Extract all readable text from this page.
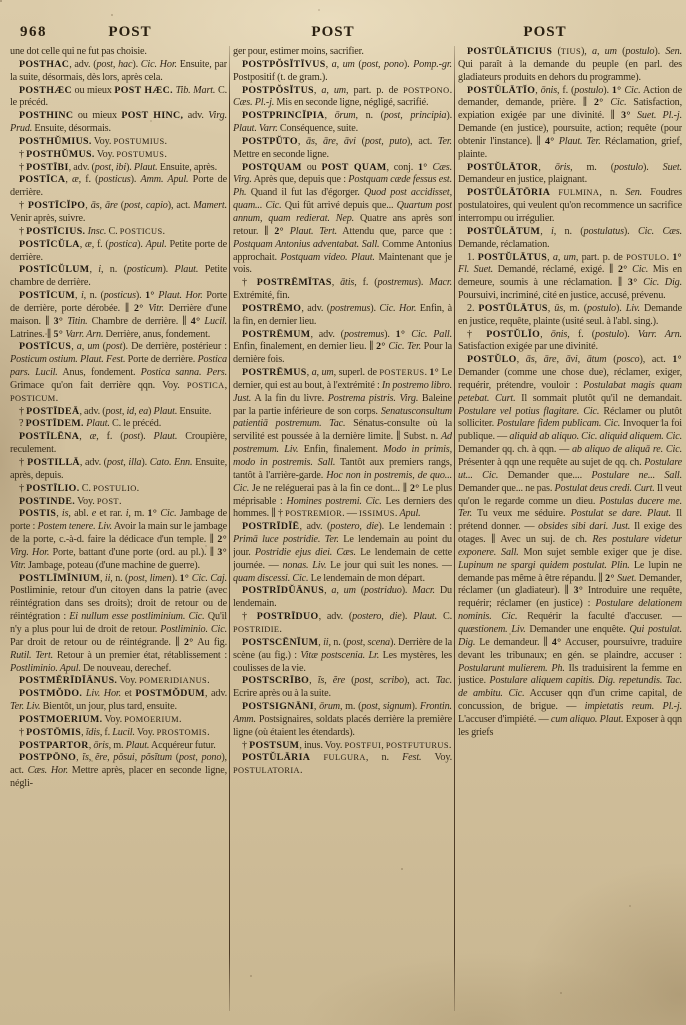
968	POST	POST	POST

une dot celle qui ne fut pas choisie.

POSTHAC, adv. (post, hac). Cic. Hor. Ensuite, par la suite, désormais, dès lors, après cela.

POSTHÆC ou mieux POST HÆC. Tib. Mart. C. le précéd.

POSTHINC ou mieux POST HINC, adv. Virg. Prud. Ensuite, désormais.

POSTHŬMIUS. Voy. POSTUMIUS.

† POSTHŬMUS. Voy. POSTUMUS.

† POSTĪBI, adv. (post, ibi). Plaut. Ensuite, après.

POSTĪCA, æ, f. (posticus). Amm. Apul. Porte de derrière.

† POSTĪCĬPO, ās, āre (post, capio), act. Mamert. Venir après, suivre.

† POSTĪCIUS. Insc. C. POSTICUS.

POSTĪCŬLA, æ, f. (postica). Apul. Petite porte de derrière.

POSTĪCŬLUM, i, n. (posticum). Plaut. Petite chambre de derrière.

POSTĪCUM, i, n. (posticus). 1° Plaut. Hor. Porte de derrière, porte dérobée. ∥ 2° Vitr. Derrière d'une maison. ∥ 3° Titin. Chambre de derrière. ∥ 4° Lucil. Latrines. ∥ 5° Varr. Arn. Derrière, anus, fondement.

POSTĪCUS, a, um (post). De derrière, postérieur : Posticum ostium. Plaut. Fest. Porte de derrière. Postica pars. Lucil. Anus, fondement. Postica sanna. Pers. Grimace qu'on fait derrière qqn. Voy. POSTICA, POSTICUM.

† POSTĪDEĀ, adv. (post, id, ea) Plaut. Ensuite.

? POSTĪDEM. Plaut. C. le précéd.

POSTĪLĒNA, æ, f. (post). Plaut. Croupière, reculement.

† POSTILLĀ, adv. (post, illa). Cato. Enn. Ensuite, après, depuis.

† POSTĪLIO. C. POSTULIO.

POSTINDE. Voy. POST.

POSTIS, is, abl. e et rar. i, m. 1° Cic. Jambage de porte : Postem tenere. Liv. Avoir la main sur le jambage de la porte, c.-à-d. faire la dédicace d'un temple. ∥ 2° Virg. Hor. Porte, battant d'une porte (ord. au pl.). ∥ 3° Vitr. Jambage, poteau (d'une machine de guerre).

POSTLĪMĬNIUM, ii, n. (post, limen). 1° Cic. Caj. Postliminie, retour d'un citoyen dans la patrie (avec réintégration dans ses droits); droit de retour ou de réintégration : Ei nullum esse postliminium. Cic. Qu'il n'y a plus pour lui de droit de retour. Postliminio. Cic. Par droit de retour ou de réintégrande. ∥ 2° Au fig. Rutil. Tert. Retour à un premier état, rétablissement : Postliminio. Apul. De nouveau, derechef.

POSTMĔRĪDĬĀNUS. Voy. POMERIDIANUS.

POSTMŎDO. Liv. Hor. et POSTMŎDUM, adv. Ter. Liv. Bientôt, un jour, plus tard, ensuite.

POSTMOERIUM. Voy. POMOERIUM.

† POSTŌMIS, ĭdis, f. Lucil. Voy. PROSTOMIS.

POSTPARTOR, ōris, m. Plaut. Acquéreur futur.

POSTPŌNO, ĭs, ĕre, pŏsui, pŏsĭtum (post, pono), act. Cæs. Hor. Mettre après, placer en seconde ligne, négli-

ger pour, estimer moins, sacrifier.

POSTPŎSĬTĪVUS, a, um (post, pono). Pomp.-gr. Postpositif (t. de gram.).

POSTPŎSĬTUS, a, um, part. p. de POSTPONO. Cæs. Pl.-j. Mis en seconde ligne, négligé, sacrifié.

POSTPRINCĬPIA, ōrum, n. (post, principia). Plaut. Varr. Conséquence, suite.

POSTPŬTO, ās, āre, āvi (post, puto), act. Ter. Mettre en seconde ligne.

POSTQUAM ou POST QUAM, conj. 1° Cæs. Virg. Après que, depuis que : Postquam cæde fessus est. Ph. Quand il fut las d'égorger. Quod post accidisset, quam... Cic. Qui fût arrivé depuis que... Quartum post annum, quam redierat. Nep. Quatre ans après son retour. ∥ 2° Plaut. Tert. Attendu que, parce que : Postquam Antonius adventabat. Sall. Comme Antonius approchait. Postquam video. Plaut. Maintenant que je vois.

† POSTRĒMĬTAS, ātis, f. (postremus). Macr. Extrémité, fin.

POSTRĒMO, adv. (postremus). Cic. Hor. Enfin, à la fin, en dernier lieu.

POSTRĒMUM, adv. (postremus). 1° Cic. Pall. Enfin, finalement, en dernier lieu. ∥ 2° Cic. Ter. Pour la dernière fois.

POSTRĒMUS, a, um, superl. de POSTERUS. 1° Le dernier, qui est au bout, à l'extrémité : In postremo libro. Just. A la fin du livre. Postrema pistris. Virg. Baleine par la partie inférieure de son corps. Senatusconsultum patientiā postremum. Tac. Sénatus-consulte où la servilité est poussée à la dernière limite. ∥ Subst. n. Ad postremum. Liv. Enfin, finalement. Modo in primis, modo in postremis. Sall. Tantôt aux premiers rangs, tantôt à l'arrière-garde. Hoc non in postremis, de quo... Cic. Je ne reléguerai pas à la fin ce dont... ∥ 2° Le plus méprisable : Homines postremi. Cic. Les derniers des hommes. ∥ † POSTREMIOR. — ISSIMUS. Apul.

POSTRĪDĬĒ, adv. (postero, die). Le lendemain : Primā luce postridie. Ter. Le lendemain au point du jour. Postridie ejus diei. Cæs. Le lendemain de cette journée. — nonas. Liv. Le jour qui suit les nones. — quam discessi. Cic. Le lendemain de mon départ.

POSTRĪDŬĀNUS, a, um (postriduo). Macr. Du lendemain.

† POSTRĪDUO, adv. (postero, die). Plaut. C. POSTRIDIE.

POSTSCĒNĬUM, ii, n. (post, scena). Derrière de la scène (au fig.) : Vitæ postscenia. Lr. Les mystères, les coulisses de la vie.

POSTSCRĪBO, ĭs, ĕre (post, scribo), act. Tac. Ecrire après ou à la suite.

POSTSIGNĀNI, ōrum, m. (post, signum). Frontin. Amm. Postsignaires, soldats placés derrière la première ligne (où étaient les étendards).

† POSTSUM, inus. Voy. POSTFUI, POSTFUTURUS.

POSTŬLĀRIA FULGURA, n. Fest. Voy. POSTULATORIA.

POSTŬLĀTICIUS (TIUS), a, um (postulo). Sen. Qui paraît à la demande du peuple (en parl. des gladiateurs produits en dehors du programme).

POSTŬLĀTĬO, ōnis, f. (postulo). 1° Cic. Action de demander, demande, prière. ∥ 2° Cic. Satisfaction, expiation exigée par une divinité. ∥ 3° Suet. Pl.-j. Demande (en justice), poursuite, action; requête (pour obtenir l'instance). ∥ 4° Plaut. Ter. Réclamation, grief, plainte.

POSTŬLĀTOR, ōris, m. (postulo). Suet. Demandeur en justice, plaignant.

POSTŬLĀTŌRIA FULMINA, n. Sen. Foudres postulatoires, qui veulent qu'on recommence un sacrifice interrompu ou irrégulier.

POSTŬLĀTUM, i, n. (postulatus). Cic. Cæs. Demande, réclamation.

1. POSTŬLĀTUS, a, um, part. p. de POSTULO. 1° Fl. Suet. Demandé, réclamé, exigé. ∥ 2° Cic. Mis en demeure, soumis à une réclamation. ∥ 3° Cic. Dig. Poursuivi, incriminé, cité en justice, accusé, prévenu.

2. POSTŬLĀTUS, ūs, m. (postulo). Liv. Demande en justice, requête, plainte (usité seul. à l'abl. sing.).

† POSTŬLĬO, ōnis, f. (postulo). Varr. Arn. Satisfaction exigée par une divinité.

POSTŬLO, ās, āre, āvi, ātum (posco), act. 1° Demander (comme une chose due), réclamer, exiger, requérir, prétendre, vouloir : Postulabat magis quam petebat. Curt. Il sommait plutôt qu'il ne demandait. Postulare vel potius flagitare. Cic. Réclamer ou plutôt solliciter. Postulare fidem publicam. Cic. Invoquer la foi publique. — aliquid ab aliquo. Cic. aliquid aliquem. Cic. Demander qq. ch. à qqn. — ab aliquo de aliquā re. Cic. Présenter à qqn une requête au sujet de qq. ch. Postulare ut... Cic. Demander que.... Postulare ne... Sall. Demander que... ne pas. Postulat deus credi. Curt. Il veut qu'on le regarde comme un dieu. Postulas ducere me. Ter. Tu veux me séduire. Postulat se dare. Plaut. Il prétend donner. — obsides sibi dari. Just. Il exige des otages. ∥ Avec un suj. de ch. Res postulare videtur exponere. Sall. Mon sujet semble exiger que je dise. Lupinum ne spargi quidem postulat. Plin. Le lupin ne demande pas même à être répandu. ∥ 2° Suet. Demander, réclamer (un gladiateur). ∥ 3° Introduire une requête, requérir; réclamer (en justice) : Postulare delationem nominis. Cic. Requérir la faculté d'accuser. — quæstionem. Liv. Demander une enquête. Qui postulat. Dig. Le demandeur. ∥ 4° Accuser, poursuivre, traduire devant les tribunaux; en gén. se plaindre, accuser : Postularunt mulierem. Ph. Ils traduisirent la femme en justice. Postulare aliquem capitis. Dig. repetundis. Tac. de ambitu. Cic. Accuser qqn d'un crime capital, de concussion, de brigue. — impietatis reum. Pl.-j. L'accuser d'impiété. — cum aliquo. Plaut. Exposer à qqn les griefs
